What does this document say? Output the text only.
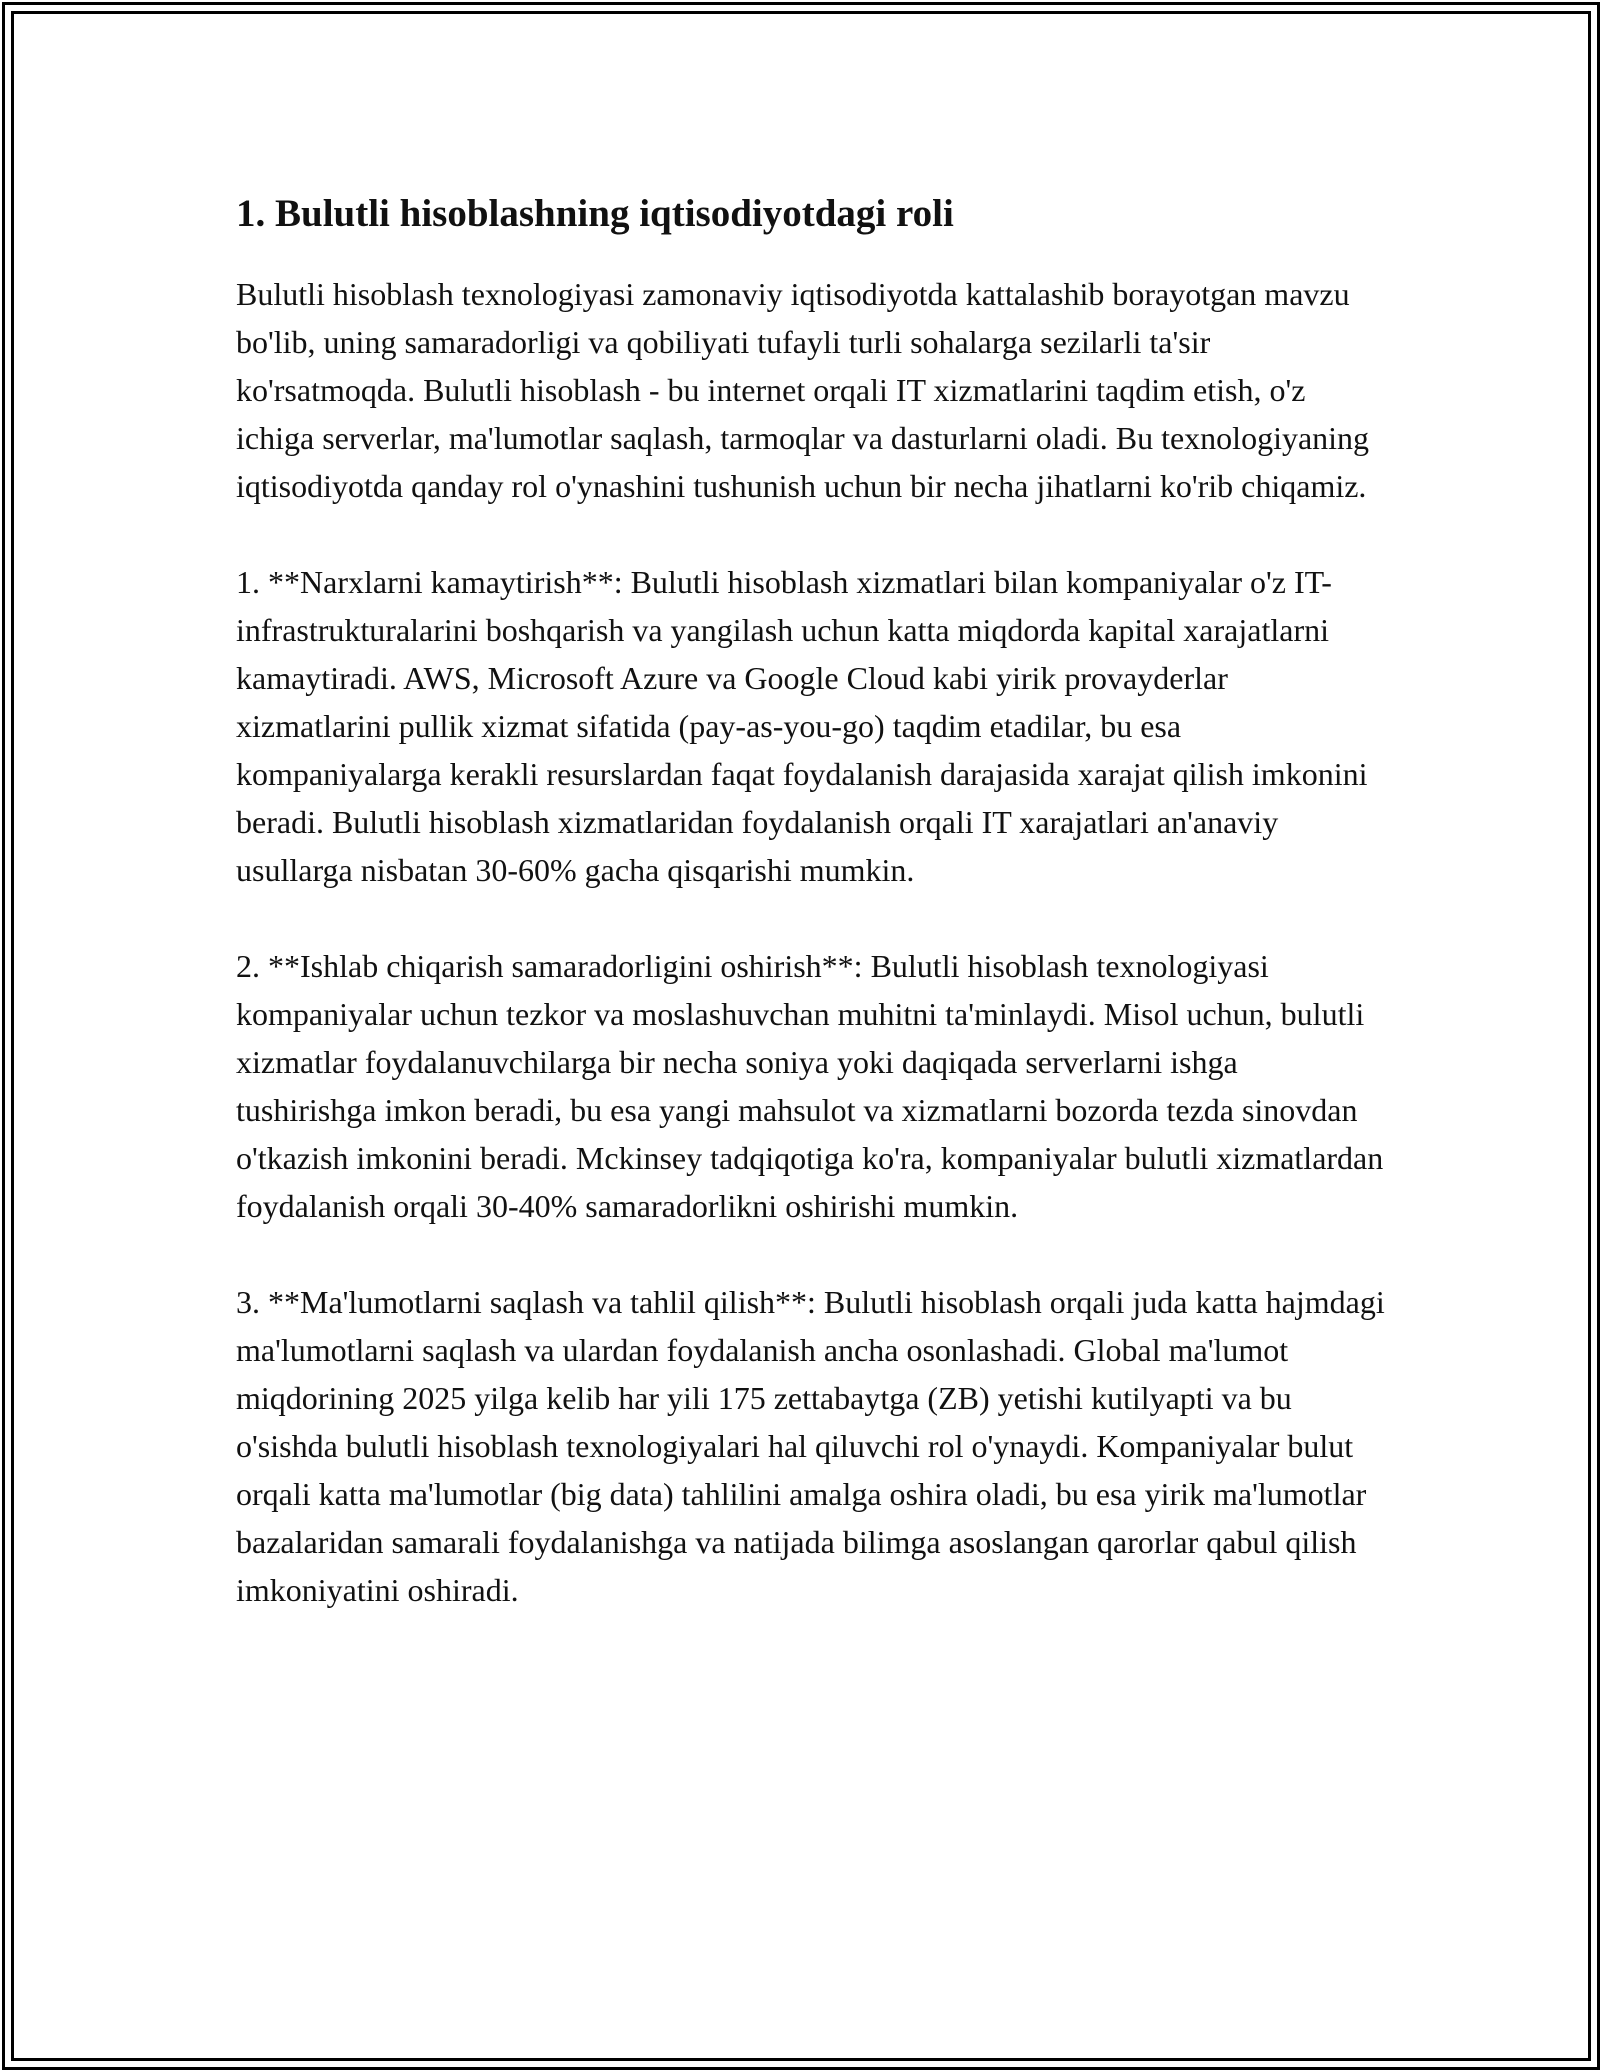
1. Bulutli hisoblashning iqtisodiyotdagi roli

Bulutli hisoblash texnologiyasi zamonaviy iqtisodiyotda kattalashib borayotgan mavzu bo'lib, uning samaradorligi va qobiliyati tufayli turli sohalarga sezilarli ta'sir ko'rsatmoqda. Bulutli hisoblash - bu internet orqali IT xizmatlarini taqdim etish, o'z ichiga serverlar, ma'lumotlar saqlash, tarmoqlar va dasturlarni oladi. Bu texnologiyaning iqtisodiyotda qanday rol o'ynashini tushunish uchun bir necha jihatlarni ko'rib chiqamiz.

1. **Narxlarni kamaytirish**: Bulutli hisoblash xizmatlari bilan kompaniyalar o'z IT-infrastrukturalarini boshqarish va yangilash uchun katta miqdorda kapital xarajatlarni kamaytiradi. AWS, Microsoft Azure va Google Cloud kabi yirik provayderlar xizmatlarini pullik xizmat sifatida (pay-as-you-go) taqdim etadilar, bu esa kompaniyalarga kerakli resurslardan faqat foydalanish darajasida xarajat qilish imkonini beradi. Bulutli hisoblash xizmatlaridan foydalanish orqali IT xarajatlari an'anaviy usullarga nisbatan 30-60% gacha qisqarishi mumkin.

2. **Ishlab chiqarish samaradorligini oshirish**: Bulutli hisoblash texnologiyasi kompaniyalar uchun tezkor va moslashuvchan muhitni ta'minlaydi. Misol uchun, bulutli xizmatlar foydalanuvchilarga bir necha soniya yoki daqiqada serverlarni ishga tushirishga imkon beradi, bu esa yangi mahsulot va xizmatlarni bozorda tezda sinovdan o'tkazish imkonini beradi. Mckinsey tadqiqotiga ko'ra, kompaniyalar bulutli xizmatlardan foydalanish orqali 30-40% samaradorlikni oshirishi mumkin.

3. **Ma'lumotlarni saqlash va tahlil qilish**: Bulutli hisoblash orqali juda katta hajmdagi ma'lumotlarni saqlash va ulardan foydalanish ancha osonlashadi. Global ma'lumot miqdorining 2025 yilga kelib har yili 175 zettabaytga (ZB) yetishi kutilyapti va bu o'sishda bulutli hisoblash texnologiyalari hal qiluvchi rol o'ynaydi. Kompaniyalar bulut orqali katta ma'lumotlar (big data) tahlilini amalga oshira oladi, bu esa yirik ma'lumotlar bazalaridan samarali foydalanishga va natijada bilimga asoslangan qarorlar qabul qilish imkoniyatini oshiradi.
